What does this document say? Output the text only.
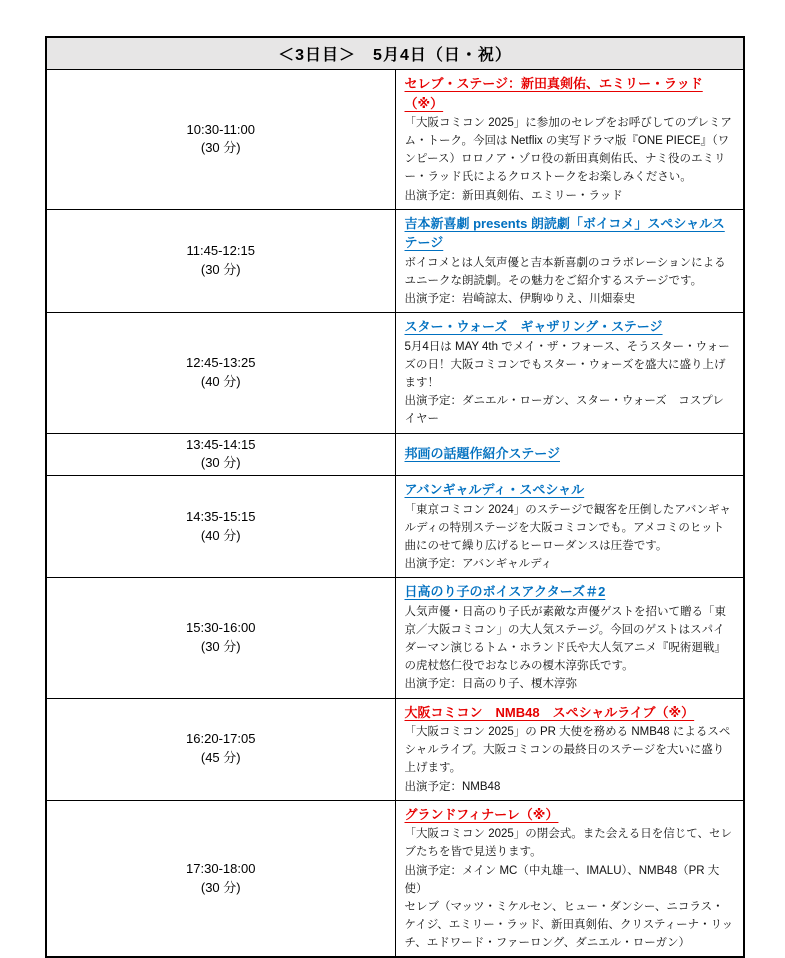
＜3日目＞　5月4日（日・祝）	

10:30-11:00
(30 分)

セレブ・ステージ：新田真剣佑、エミリー・ラッド（※）
「大阪コミコン 2025」に参加のセレブをお呼びしてのプレミアム・トーク。今回は Netflix の実写ドラマ版『ONE PIECE』（ワンピース）ロロノア・ゾロ役の新田真剣佑氏、ナミ役のエミリー・ラッド氏によるクロストークをお楽しみください。
出演予定：新田真剣佑、エミリー・ラッド

11:45-12:15
(30 分)

吉本新喜劇 presents 朗読劇「ボイコメ」スペシャルステージ
ボイコメとは人気声優と吉本新喜劇のコラボレーションによるユニークな朗読劇。その魅力をご紹介するステージです。
出演予定：岩崎諒太、伊駒ゆりえ、川畑泰史

12:45-13:25
(40 分)

スター・ウォーズ　ギャザリング・ステージ
5月4日は MAY 4th でメイ・ザ・フォース、そうスター・ウォーズの日！大阪コミコンでもスター・ウォーズを盛大に盛り上げます！
出演予定：ダニエル・ローガン、スター・ウォーズ　コスプレイヤー

13:45-14:15
(30 分)	邦画の話題作紹介ステージ

14:35-15:15
(40 分)

アバンギャルディ・スペシャル
「東京コミコン 2024」のステージで観客を圧倒したアバンギャルディの特別ステージを大阪コミコンでも。アメコミのヒット曲にのせて繰り広げるヒーローダンスは圧巻です。
出演予定：アバンギャルディ

15:30-16:00
(30 分)

日高のり子のボイスアクターズ＃2
人気声優・日高のり子氏が素敵な声優ゲストを招いて贈る「東京／大阪コミコン」の大人気ステージ。今回のゲストはスパイダーマン演じるトム・ホランド氏や大人気アニメ『呪術廻戦』の虎杖悠仁役でおなじみの榎木淳弥氏です。
出演予定：日高のり子、榎木淳弥

16:20-17:05
(45 分)

大阪コミコン　NMB48　スペシャルライブ（※）
「大阪コミコン 2025」の PR 大使を務める NMB48 によるスペシャルライブ。大阪コミコンの最終日のステージを大いに盛り上げます。
出演予定：NMB48

17:30-18:00
(30 分)

グランドフィナーレ（※）
「大阪コミコン 2025」の閉会式。また会える日を信じて、セレブたちを皆で見送ります。
出演予定：メイン MC（中丸雄一、IMALU）、NMB48（PR 大使）
セレブ（マッツ・ミケルセン、ヒュー・ダンシー、ニコラス・ケイジ、エミリー・ラッド、新田真剣佑、クリスティーナ・リッチ、エドワード・ファーロング、ダニエル・ローガン）
